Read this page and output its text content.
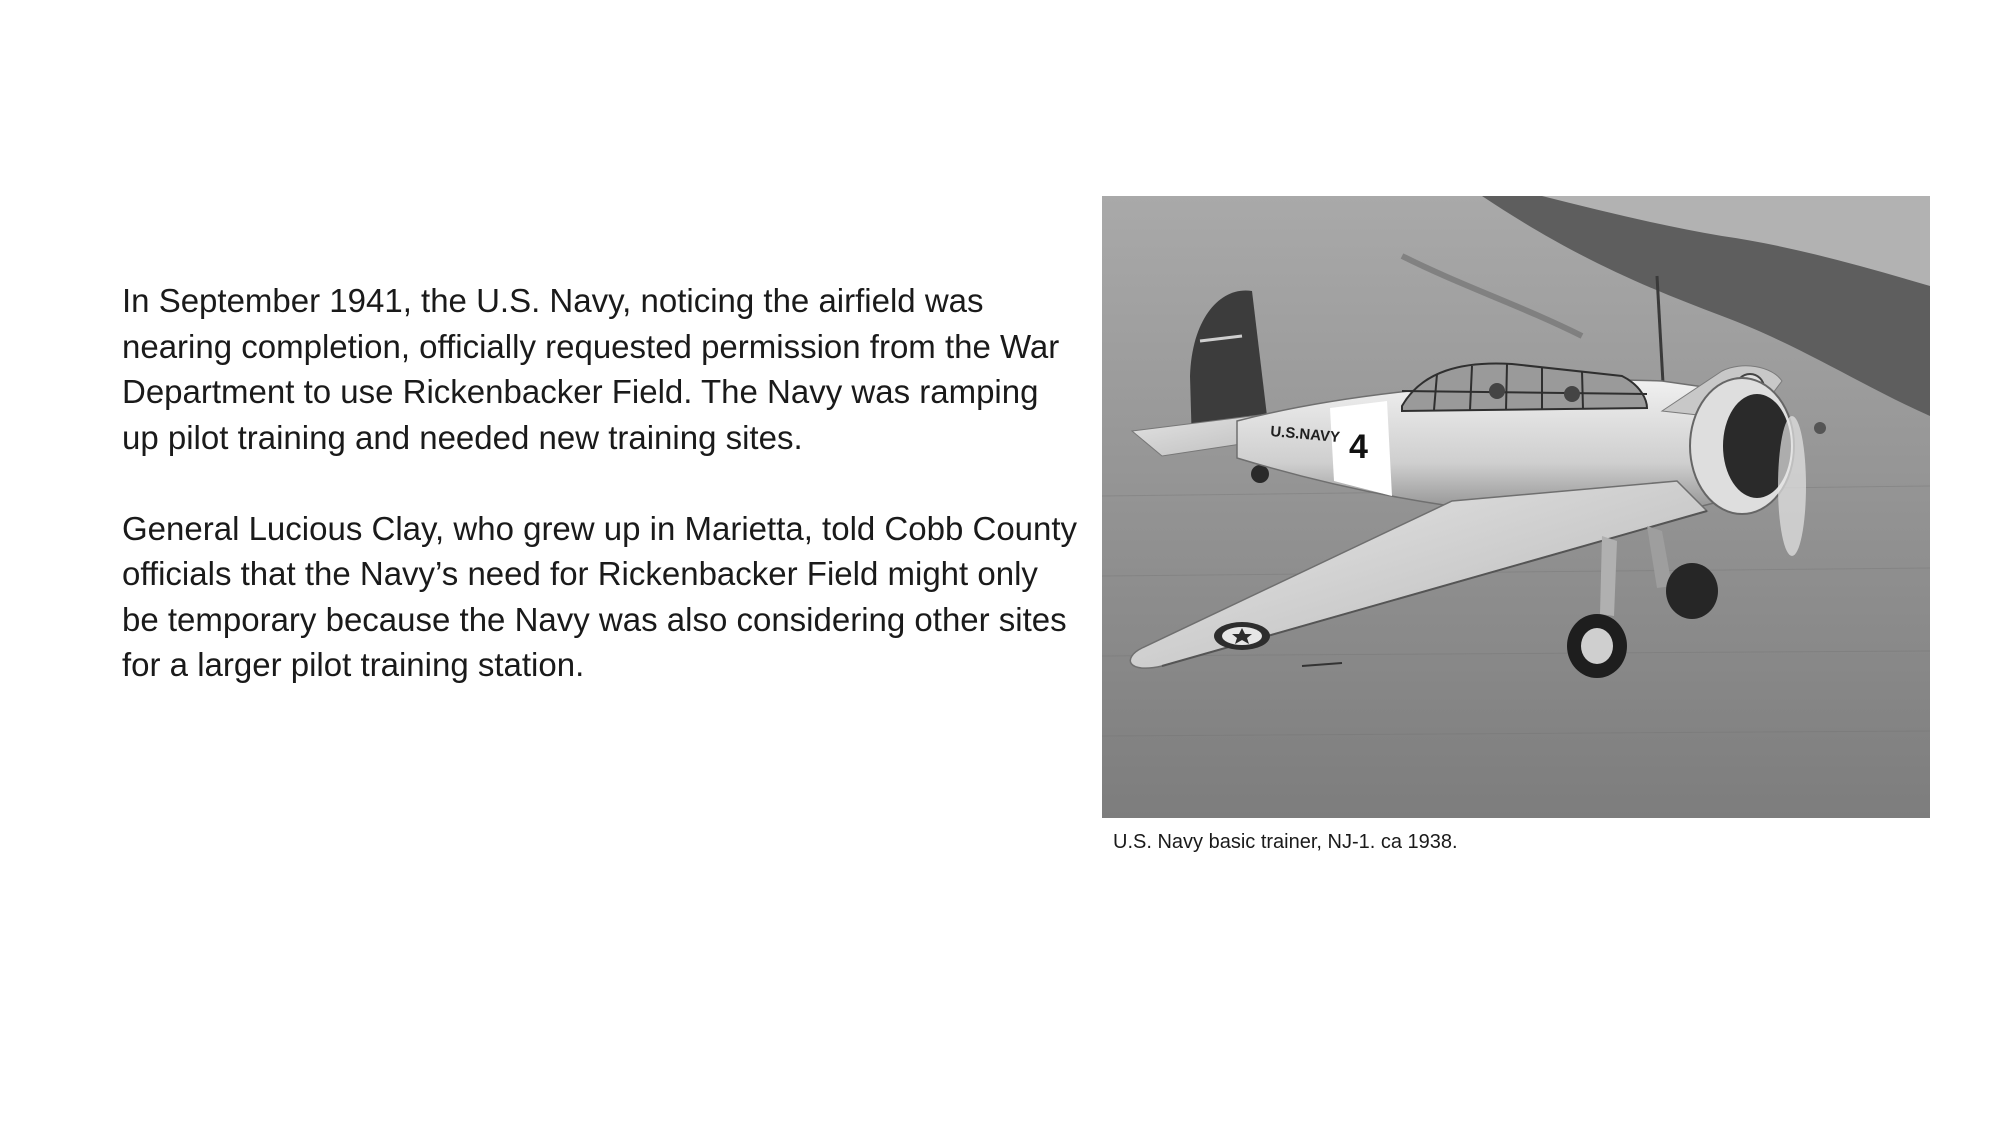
In September 1941, the U.S. Navy, noticing the airfield was nearing completion, officially requested permission from the War Department to use Rickenbacker Field. The Navy was ramping up pilot training and needed new training sites.

General Lucious Clay, who grew up in Marietta, told Cobb County officials that the Navy’s need for Rickenbacker Field might only be temporary because the Navy was also considering other sites for a larger pilot training station.

U.S.NAVY 4
U.S. Navy basic trainer, NJ-1. ca 1938.
